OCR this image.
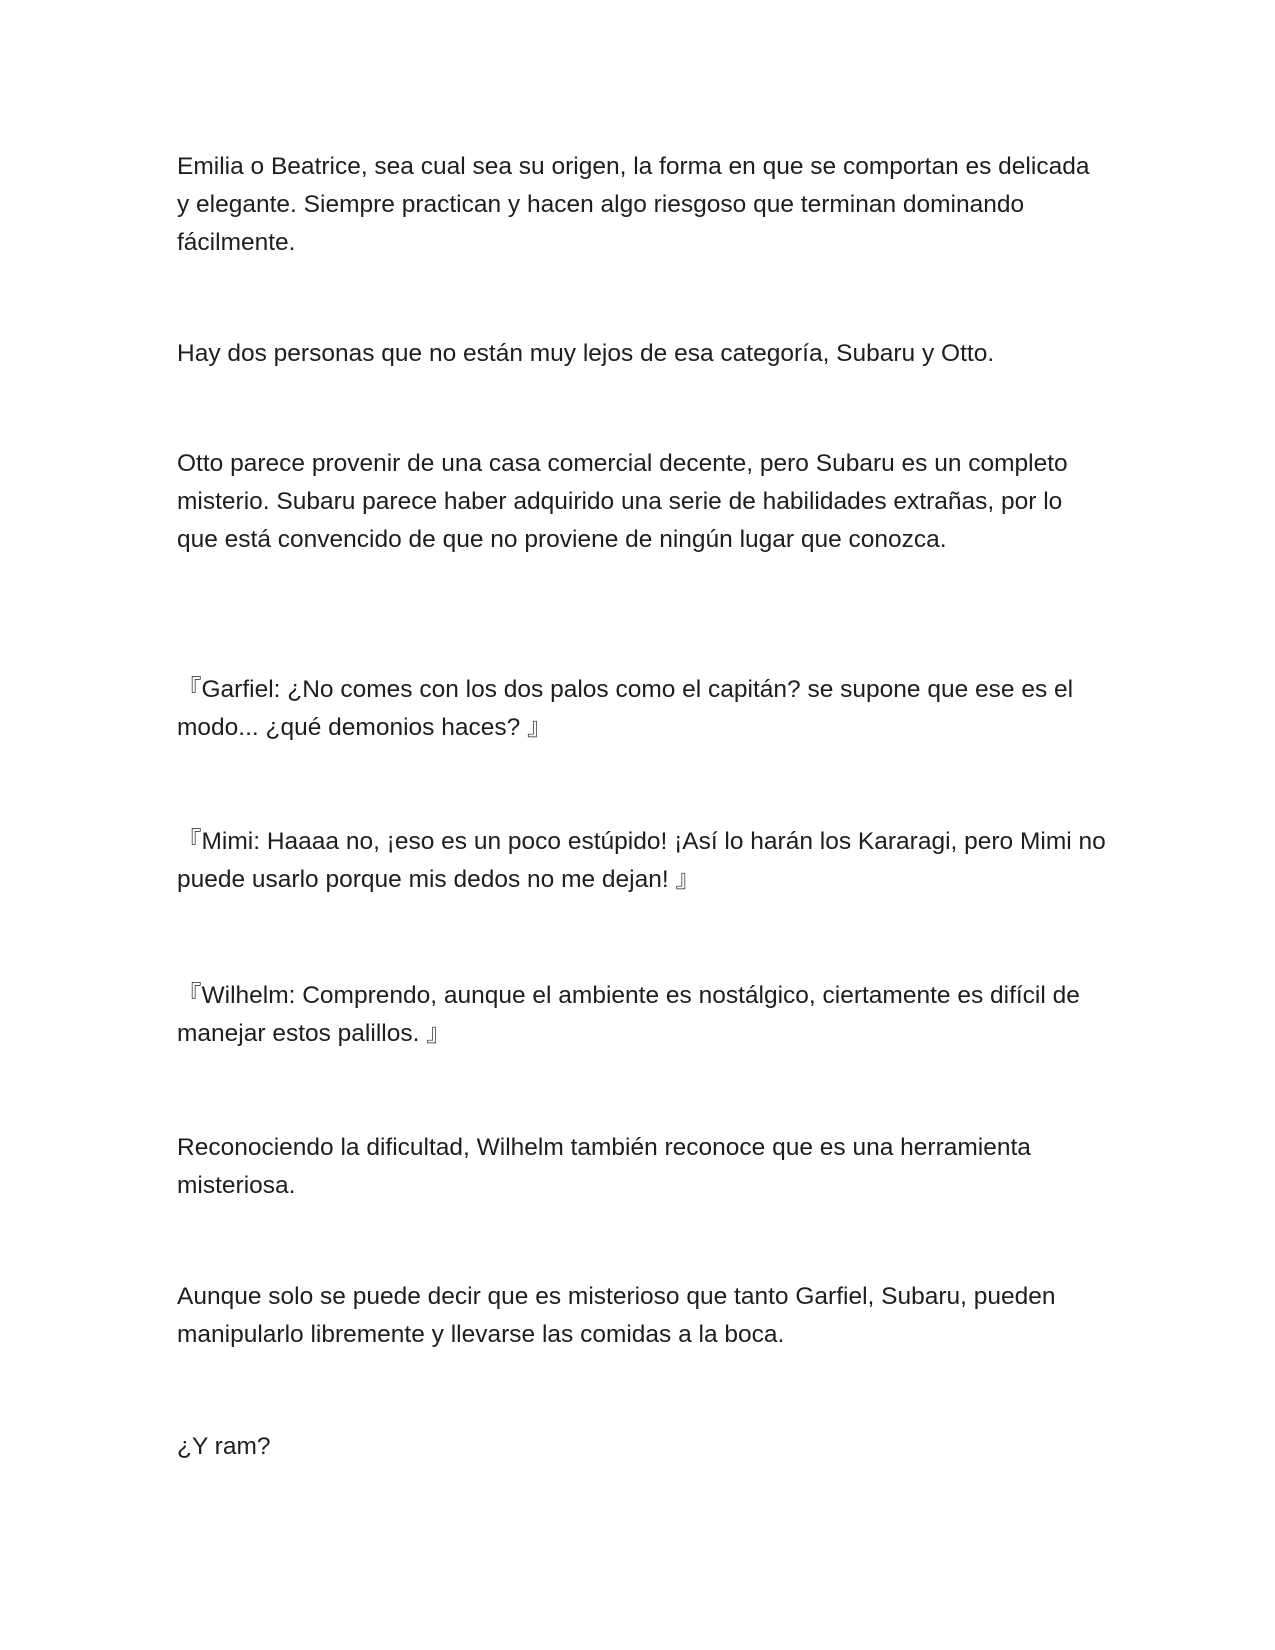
Emilia o Beatrice, sea cual sea su origen, la forma en que se comportan es delicada y elegante. Siempre practican y hacen algo riesgoso que terminan dominando fácilmente.

Hay dos personas que no están muy lejos de esa categoría, Subaru y Otto.

Otto parece provenir de una casa comercial decente, pero Subaru es un completo misterio. Subaru parece haber adquirido una serie de habilidades extrañas, por lo que está convencido de que no proviene de ningún lugar que conozca.

『Garfiel: ¿No comes con los dos palos como el capitán? se supone que ese es el modo... ¿qué demonios haces? 』

『Mimi: Haaaa no, ¡eso es un poco estúpido! ¡Así lo harán los Kararagi, pero Mimi no puede usarlo porque mis dedos no me dejan! 』

『Wilhelm: Comprendo, aunque el ambiente es nostálgico, ciertamente es difícil de manejar estos palillos. 』

Reconociendo la dificultad, Wilhelm también reconoce que es una herramienta misteriosa.

Aunque solo se puede decir que es misterioso que tanto Garfiel, Subaru, pueden manipularlo libremente y llevarse las comidas a la boca.

¿Y ram?
